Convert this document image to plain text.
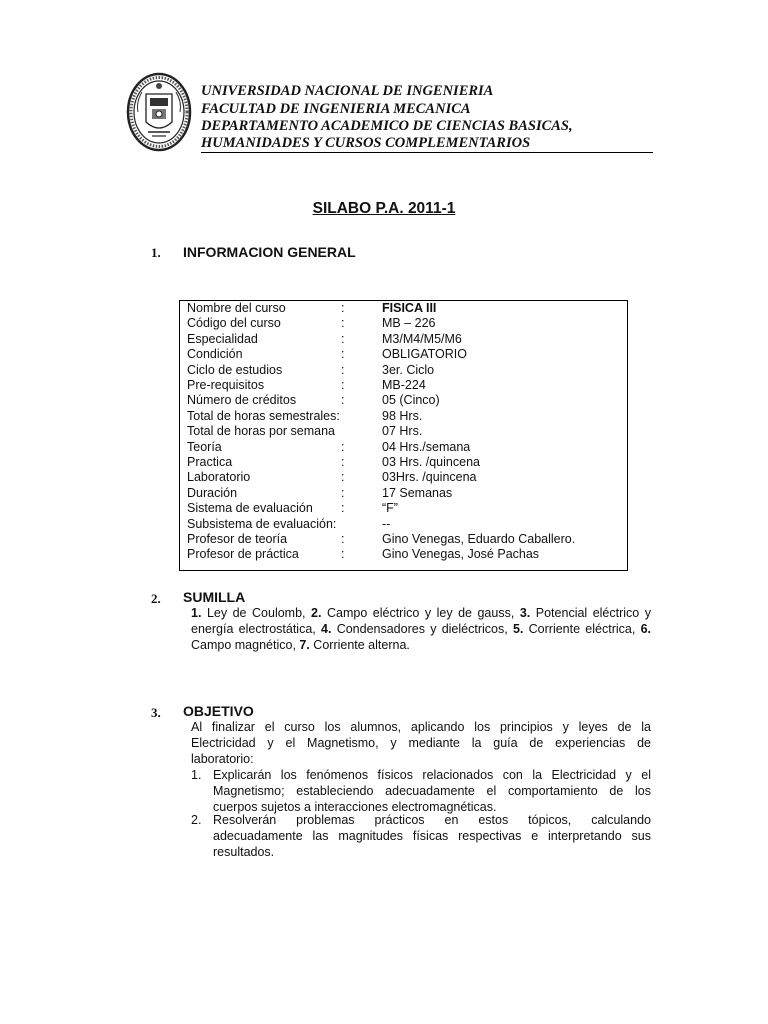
UNIVERSIDAD NACIONAL DE INGENIERIA
FACULTAD DE INGENIERIA MECANICA
DEPARTAMENTO ACADEMICO DE CIENCIAS BASICAS,
HUMANIDADES Y CURSOS COMPLEMENTARIOS
SILABO P.A. 2011-1
1. INFORMACION GENERAL
Nombre del curso	:	FISICA III
Código del curso	:	MB – 226
Especialidad	:	M3/M4/M5/M6
Condición	:	OBLIGATORIO
Ciclo de estudios	:	3er. Ciclo
Pre-requisitos	:	MB-224
Número de créditos	:	05 (Cinco)
Total de horas semestrales:	98 Hrs.
Total de horas por semana	07 Hrs.
Teoría	:	04 Hrs./semana
Practica	:	03 Hrs. /quincena
Laboratorio	:	03Hrs. /quincena
Duración	:	17 Semanas
Sistema de evaluación :	“F”
Subsistema de evaluación:	--
Profesor de teoría	:	Gino Venegas, Eduardo Caballero.
Profesor de práctica	:	Gino Venegas, José Pachas
2. SUMILLA
1. Ley de Coulomb, 2. Campo eléctrico y ley de gauss, 3. Potencial eléctrico y energía electrostática, 4. Condensadores y dieléctricos, 5. Corriente eléctrica, 6. Campo magnético, 7. Corriente alterna.
3. OBJETIVO
Al finalizar el curso los alumnos, aplicando los principios y leyes de la
Electricidad y el Magnetismo, y mediante la guía de experiencias de
laboratorio:
1. Explicarán los fenómenos físicos relacionados con la Electricidad y el
Magnetismo; estableciendo adecuadamente el comportamiento de los
cuerpos sujetos a interacciones electromagnéticas.
2. Resolverán problemas prácticos en estos tópicos, calculando
adecuadamente las magnitudes físicas respectivas e interpretando sus
resultados.
